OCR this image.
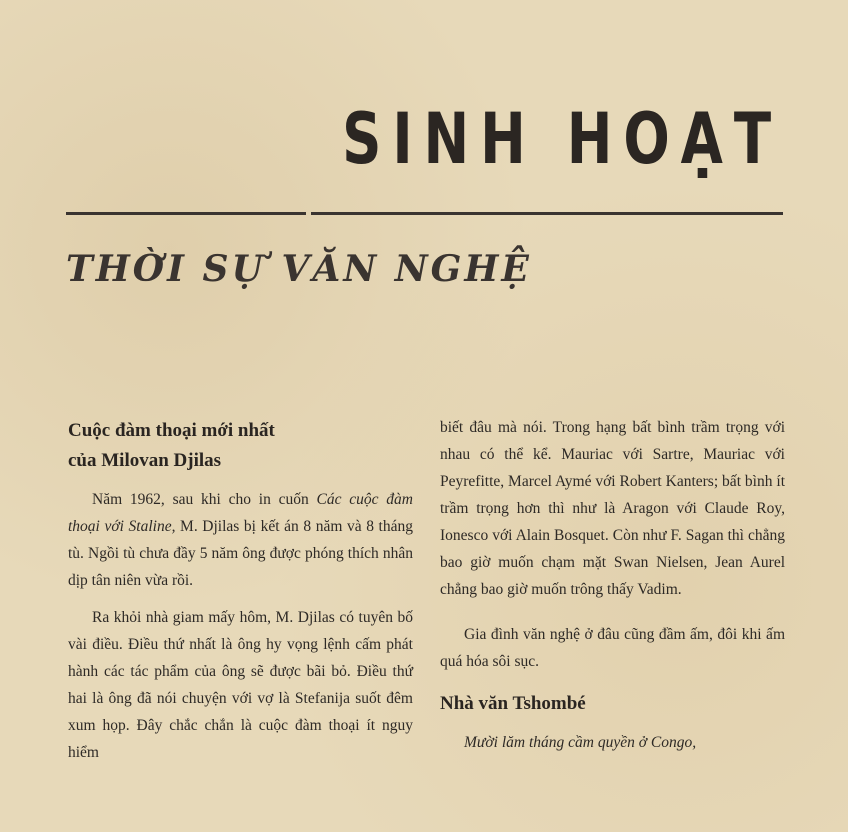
SINH HOẠT
THỜI SỰ VĂN NGHỆ
Cuộc đàm thoại mới nhất
của Milovan Djilas

Năm 1962, sau khi cho in cuốn Các cuộc đàm thoại với Staline, M. Djilas bị kết án 8 năm và 8 tháng tù. Ngồi tù chưa đầy 5 năm ông được phóng thích nhân dịp tân niên vừa rồi.

Ra khỏi nhà giam mấy hôm, M. Djilas có tuyên bố vài điều. Điều thứ nhất là ông hy vọng lệnh cấm phát hành các tác phẩm của ông sẽ được bãi bỏ. Điều thứ hai là ông đã nói chuyện với vợ là Stefanija suốt đêm xum họp. Đây chắc chắn là cuộc đàm thoại ít nguy hiểm

biết đâu mà nói. Trong hạng bất bình trầm trọng với nhau có thể kể. Mauriac với Sartre, Mauriac với Peyrefitte, Marcel Aymé với Robert Kanters; bất bình ít trầm trọng hơn thì như là Aragon với Claude Roy, Ionesco với Alain Bosquet. Còn như F. Sagan thì chẳng bao giờ muốn chạm mặt Swan Nielsen, Jean Aurel chẳng bao giờ muốn trông thấy Vadim.

Gia đình văn nghệ ở đâu cũng đầm ấm, đôi khi ấm quá hóa sôi sục.

Nhà văn Tshombé

Mười lăm tháng cầm quyền ở Congo,
